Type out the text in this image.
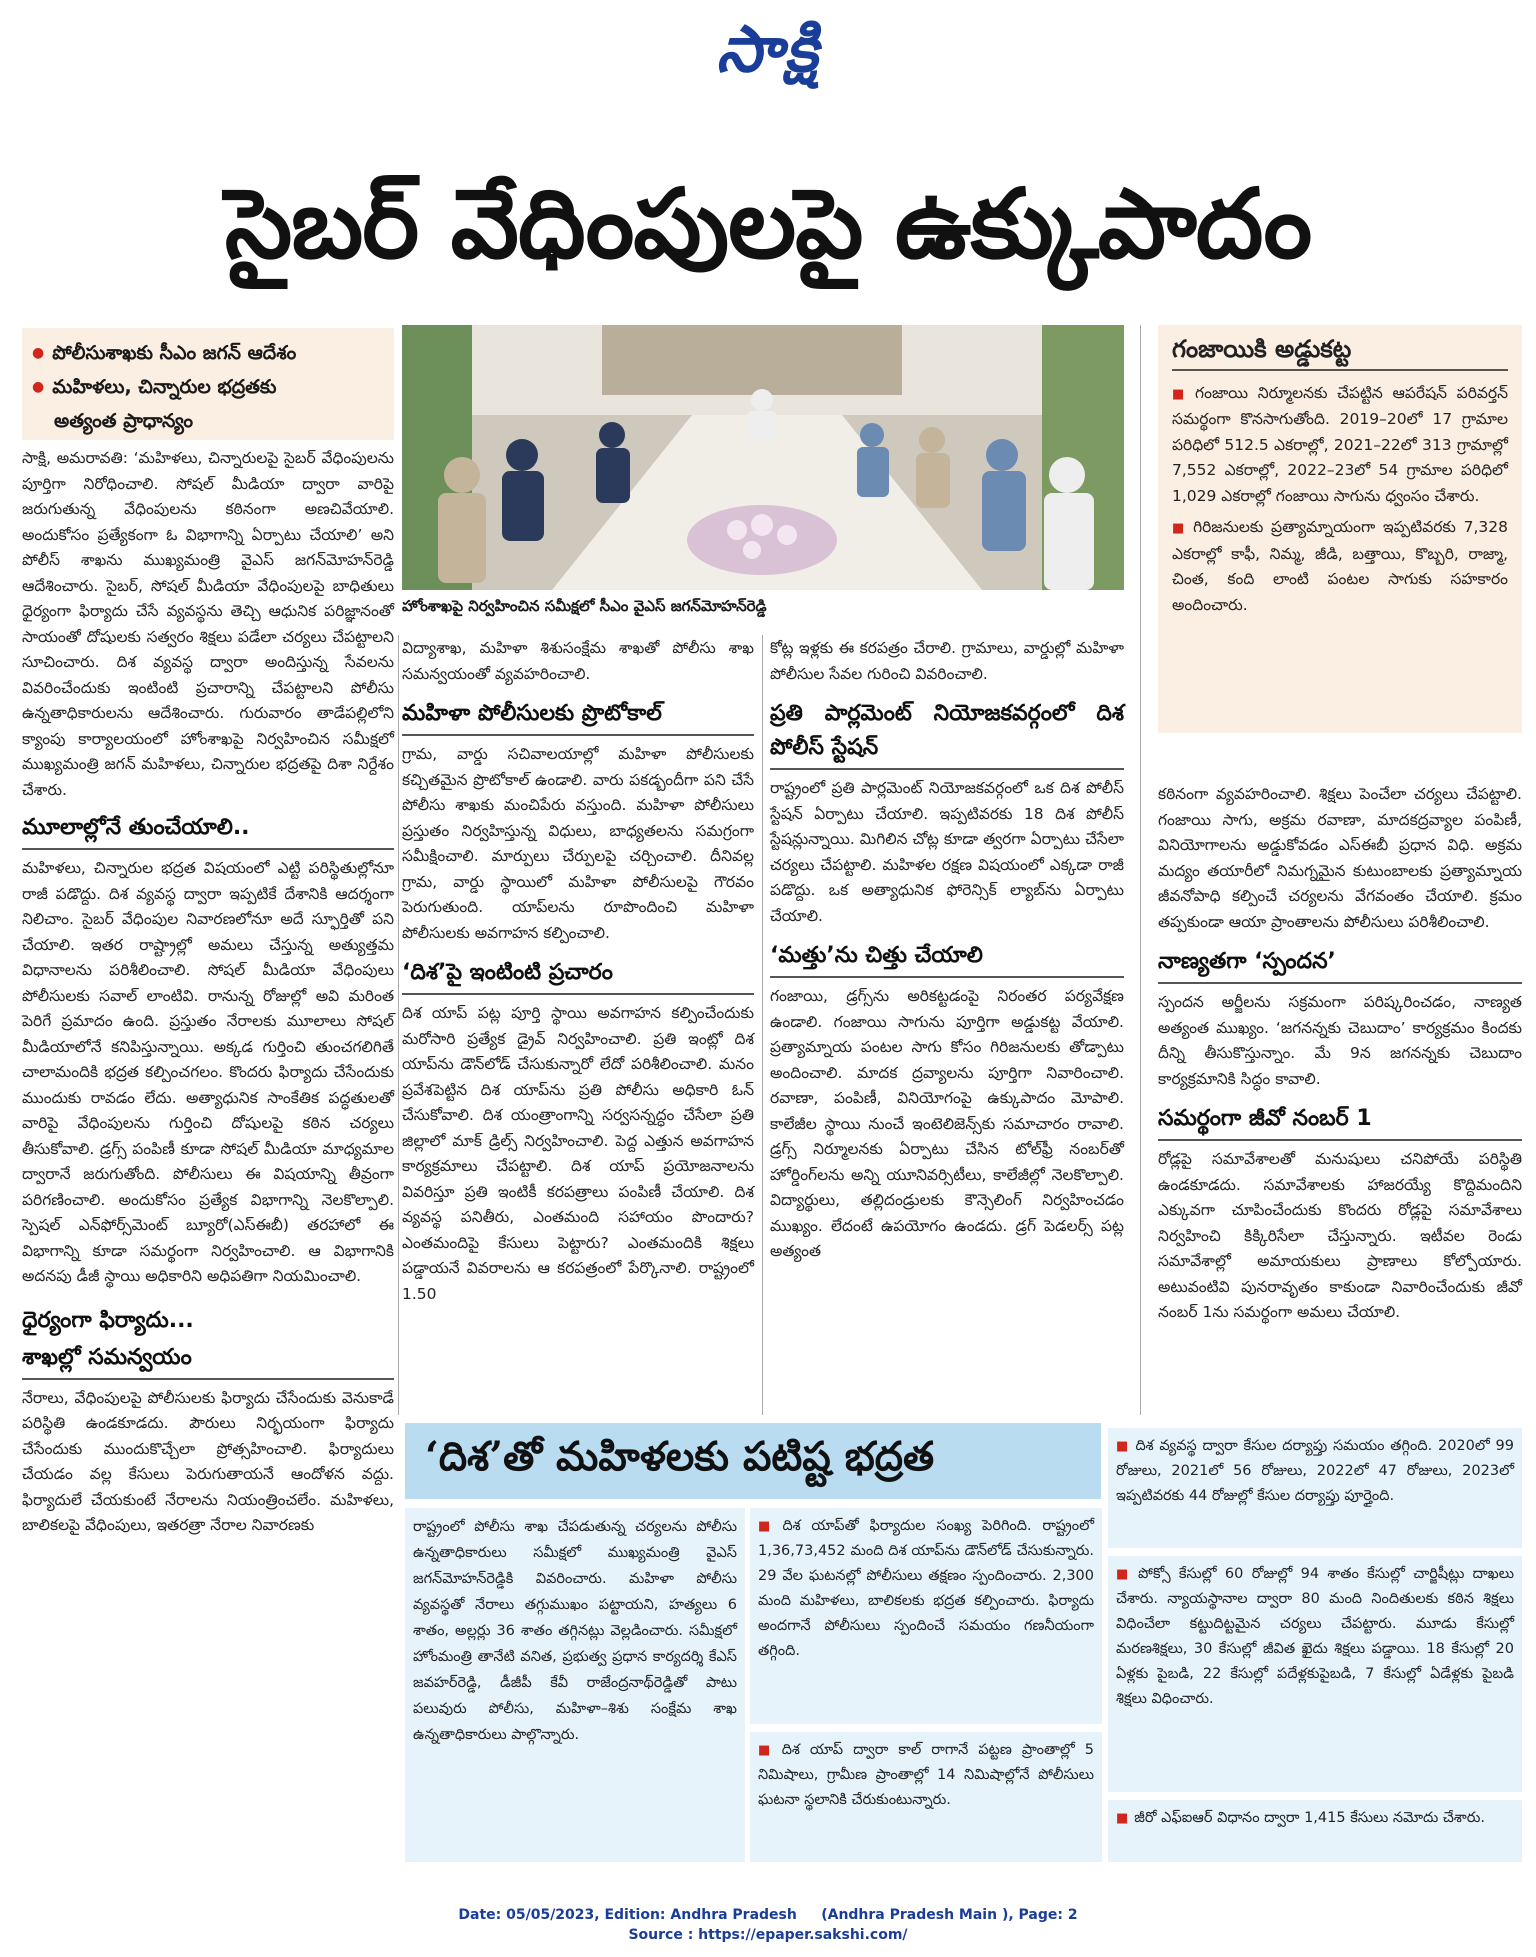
సాక్షి
సైబర్ వేధింపులపై ఉక్కుపాదం
● పోలీసుశాఖకు సీఎం జగన్ ఆదేశం
● మహిళలు, చిన్నారుల భద్రతకు
అత్యంత ప్రాధాన్యం
హోంశాఖపై నిర్వహించిన సమీక్షలో సీఎం వైఎస్ జగన్‌మోహన్‌రెడ్డి

సాక్షి, అమరావతి: ‘మహిళలు, చిన్నారులపై సైబర్ వేధింపులను పూర్తిగా నిరోధించాలి. సోషల్ మీడియా ద్వారా వారిపై జరుగుతున్న వేధింపులను కఠినంగా అణచివేయాలి. అందుకోసం ప్రత్యేకంగా ఓ విభాగాన్ని ఏర్పాటు చేయాలి’ అని పోలీస్ శాఖను ముఖ్యమంత్రి వైఎస్ జగన్‌మోహన్‌రెడ్డి ఆదేశించారు. సైబర్, సోషల్ మీడియా వేధింపులపై బాధితులు ధైర్యంగా ఫిర్యాదు చేసే వ్యవస్థను తెచ్చి ఆధునిక పరిజ్ఞానంతో సాయంతో దోషులకు సత్వరం శిక్షలు పడేలా చర్యలు చేపట్టాలని సూచించారు. దిశ వ్యవస్థ ద్వారా అందిస్తున్న సేవలను వివరించేందుకు ఇంటింటి ప్రచారాన్ని చేపట్టాలని పోలీసు ఉన్నతాధికారులను ఆదేశించారు. గురువారం తాడేపల్లిలోని క్యాంపు కార్యాలయంలో హోంశాఖపై నిర్వహించిన సమీక్షలో ముఖ్యమంత్రి జగన్ మహిళలు, చిన్నారుల భద్రతపై దిశా నిర్దేశం చేశారు.

మూలాల్లోనే తుంచేయాలి..

మహిళలు, చిన్నారుల భద్రత విషయంలో ఎట్టి పరిస్థితుల్లోనూ రాజీ పడొద్దు. దిశ వ్యవస్థ ద్వారా ఇప్పటికే దేశానికి ఆదర్శంగా నిలిచాం. సైబర్ వేధింపుల నివారణలోనూ అదే స్ఫూర్తితో పని చేయాలి. ఇతర రాష్ట్రాల్లో అమలు చేస్తున్న అత్యుత్తమ విధానాలను పరిశీలించాలి. సోషల్ మీడియా వేధింపులు పోలీసులకు సవాల్ లాంటివి. రానున్న రోజుల్లో అవి మరింత పెరిగే ప్రమాదం ఉంది. ప్రస్తుతం నేరాలకు మూలాలు సోషల్ మీడియాలోనే కనిపిస్తున్నాయి. అక్కడ గుర్తించి తుంచగలిగితే చాలామందికి భద్రత కల్పించగలం. కొందరు ఫిర్యాదు చేసేందుకు ముందుకు రావడం లేదు. అత్యాధునిక సాంకేతిక పద్ధతులతో వారిపై వేధింపులను గుర్తించి దోషులపై కఠిన చర్యలు తీసుకోవాలి. డ్రగ్స్ పంపిణీ కూడా సోషల్ మీడియా మాధ్యమాల ద్వారానే జరుగుతోంది. పోలీసులు ఈ విషయాన్ని తీవ్రంగా పరిగణించాలి. అందుకోసం ప్రత్యేక విభాగాన్ని నెలకొల్పాలి. స్పెషల్ ఎన్‌ఫోర్స్‌మెంట్ బ్యూరో(ఎస్‌ఈబీ) తరహాలో ఈ విభాగాన్ని కూడా సమర్థంగా నిర్వహించాలి. ఆ విభాగానికి అదనపు డీజీ స్థాయి అధికారిని అధిపతిగా నియమించాలి.

ధైర్యంగా ఫిర్యాదు...
శాఖల్లో సమన్వయం

నేరాలు, వేధింపులపై పోలీసులకు ఫిర్యాదు చేసేందుకు వెనుకాడే పరిస్థితి ఉండకూడదు. పౌరులు నిర్భయంగా ఫిర్యాదు చేసేందుకు ముందుకొచ్చేలా ప్రోత్సహించాలి. ఫిర్యాదులు చేయడం వల్ల కేసులు పెరుగుతాయనే ఆందోళన వద్దు. ఫిర్యాదులే చేయకుంటే నేరాలను నియంత్రించలేం. మహిళలు, బాలికలపై వేధింపులు, ఇతరత్రా నేరాల నివారణకు

విద్యాశాఖ, మహిళా శిశుసంక్షేమ శాఖతో పోలీసు శాఖ సమన్వయంతో వ్యవహరించాలి.

మహిళా పోలీసులకు ప్రొటోకాల్

గ్రామ, వార్డు సచివాలయాల్లో మహిళా పోలీసులకు కచ్చితమైన ప్రొటోకాల్ ఉండాలి. వారు పకడ్బందీగా పని చేసే పోలీసు శాఖకు మంచిపేరు వస్తుంది. మహిళా పోలీసులు ప్రస్తుతం నిర్వహిస్తున్న విధులు, బాధ్యతలను సమగ్రంగా సమీక్షించాలి. మార్పులు చేర్పులపై చర్చించాలి. దీనివల్ల గ్రామ, వార్డు స్థాయిలో మహిళా పోలీసులపై గౌరవం పెరుగుతుంది. యాప్‌లను రూపొందించి మహిళా పోలీసులకు అవగాహన కల్పించాలి.

‘దిశ’పై ఇంటింటి ప్రచారం

దిశ యాప్ పట్ల పూర్తి స్థాయి అవగాహన కల్పించేందుకు మరోసారి ప్రత్యేక డ్రైవ్ నిర్వహించాలి. ప్రతి ఇంట్లో దిశ యాప్‌ను డౌన్‌లోడ్ చేసుకున్నారో లేదో పరిశీలించాలి. మనం ప్రవేశపెట్టిన దిశ యాప్‌ను ప్రతి పోలీసు అధికారి ఓన్ చేసుకోవాలి. దిశ యంత్రాంగాన్ని సర్వసన్నద్ధం చేసేలా ప్రతి జిల్లాలో మాక్ డ్రిల్స్ నిర్వహించాలి. పెద్ద ఎత్తున అవగాహన కార్యక్రమాలు చేపట్టాలి. దిశ యాప్ ప్రయోజనాలను వివరిస్తూ ప్రతి ఇంటికీ కరపత్రాలు పంపిణీ చేయాలి. దిశ వ్యవస్థ పనితీరు, ఎంతమంది సహాయం పొందారు? ఎంతమందిపై కేసులు పెట్టారు? ఎంతమందికి శిక్షలు పడ్డాయనే వివరాలను ఆ కరపత్రంలో పేర్కొనాలి. రాష్ట్రంలో 1.50

కోట్ల ఇళ్లకు ఈ కరపత్రం చేరాలి. గ్రామాలు, వార్డుల్లో మహిళా పోలీసుల సేవల గురించి వివరించాలి.

ప్రతి పార్లమెంట్ నియోజకవర్గంలో దిశ పోలీస్ స్టేషన్

రాష్ట్రంలో ప్రతి పార్లమెంట్ నియోజకవర్గంలో ఒక దిశ పోలీస్ స్టేషన్ ఏర్పాటు చేయాలి. ఇప్పటివరకు 18 దిశ పోలీస్ స్టేషన్లున్నాయి. మిగిలిన చోట్ల కూడా త్వరగా ఏర్పాటు చేసేలా చర్యలు చేపట్టాలి. మహిళల రక్షణ విషయంలో ఎక్కడా రాజీ పడొద్దు. ఒక అత్యాధునిక ఫోరెన్సిక్ ల్యాబ్‌ను ఏర్పాటు చేయాలి.

‘మత్తు’ను చిత్తు చేయాలి

గంజాయి, డ్రగ్స్‌ను అరికట్టడంపై నిరంతర పర్యవేక్షణ ఉండాలి. గంజాయి సాగును పూర్తిగా అడ్డుకట్ట వేయాలి. ప్రత్యామ్నాయ పంటల సాగు కోసం గిరిజనులకు తోడ్పాటు అందించాలి. మాదక ద్రవ్యాలను పూర్తిగా నివారించాలి. రవాణా, పంపిణీ, వినియోగంపై ఉక్కుపాదం మోపాలి. కాలేజీల స్థాయి నుంచే ఇంటెలిజెన్స్‌కు సమాచారం రావాలి. డ్రగ్స్ నిర్మూలనకు ఏర్పాటు చేసిన టోల్‌ఫ్రీ నంబర్‌తో హోర్డింగ్‌లను అన్ని యూనివర్సిటీలు, కాలేజీల్లో నెలకొల్పాలి. విద్యార్థులు, తల్లిదండ్రులకు కౌన్సెలింగ్ నిర్వహించడం ముఖ్యం. లేదంటే ఉపయోగం ఉండదు. డ్రగ్ పెడలర్స్ పట్ల అత్యంత

గంజాయికి అడ్డుకట్ట

■ గంజాయి నిర్మూలనకు చేపట్టిన ఆపరేషన్ పరివర్తన్ సమర్థంగా కొనసాగుతోంది. 2019–20లో 17 గ్రామాల పరిధిలో 512.5 ఎకరాల్లో, 2021–22లో 313 గ్రామాల్లో 7,552 ఎకరాల్లో, 2022–23లో 54 గ్రామాల పరిధిలో 1,029 ఎకరాల్లో గంజాయి సాగును ధ్వంసం చేశారు.

■ గిరిజనులకు ప్రత్యామ్నాయంగా ఇప్పటివరకు 7,328 ఎకరాల్లో కాఫీ, నిమ్మ, జీడి, బత్తాయి, కొబ్బరి, రాజ్మా, చింత, కంది లాంటి పంటల సాగుకు సహకారం అందించారు.

కఠినంగా వ్యవహరించాలి. శిక్షలు పెంచేలా చర్యలు చేపట్టాలి. గంజాయి సాగు, అక్రమ రవాణా, మాదకద్రవ్యాల పంపిణీ, వినియోగాలను అడ్డుకోవడం ఎస్‌ఈబీ ప్రధాన విధి. అక్రమ మద్యం తయారీలో నిమగ్నమైన కుటుంబాలకు ప్రత్యామ్నాయ జీవనోపాధి కల్పించే చర్యలను వేగవంతం చేయాలి. క్రమం తప్పకుండా ఆయా ప్రాంతాలను పోలీసులు పరిశీలించాలి.

నాణ్యతగా ‘స్పందన’

స్పందన అర్జీలను సక్రమంగా పరిష్కరించడం, నాణ్యత అత్యంత ముఖ్యం. ‘జగనన్నకు చెబుదాం’ కార్యక్రమం కిందకు దీన్ని తీసుకొస్తున్నాం. మే 9న జగనన్నకు చెబుదాం కార్యక్రమానికి సిద్ధం కావాలి.

సమర్థంగా జీవో నంబర్ 1

రోడ్లపై సమావేశాలతో మనుషులు చనిపోయే పరిస్థితి ఉండకూడదు. సమావేశాలకు హాజరయ్యే కొద్దిమందిని ఎక్కువగా చూపించేందుకు కొందరు రోడ్లపై సమావేశాలు నిర్వహించి కిక్కిరిసేలా చేస్తున్నారు. ఇటీవల రెండు సమావేశాల్లో అమాయకులు ప్రాణాలు కోల్పోయారు. అటువంటివి పునరావృతం కాకుండా నివారించేందుకు జీవో నంబర్ 1ను సమర్థంగా అమలు చేయాలి.

‘దిశ’తో మహిళలకు పటిష్ట భద్రత

రాష్ట్రంలో పోలీసు శాఖ చేపడుతున్న చర్యలను పోలీసు ఉన్నతాధికారులు సమీక్షలో ముఖ్యమంత్రి వైఎస్ జగన్‌మోహన్‌రెడ్డికి వివరించారు. మహిళా పోలీసు వ్యవస్థతో నేరాలు తగ్గుముఖం పట్టాయని, హత్యలు 6 శాతం, అల్లర్లు 36 శాతం తగ్గినట్లు వెల్లడించారు. సమీక్షలో హోంమంత్రి తానేటి వనిత, ప్రభుత్వ ప్రధాన కార్యదర్శి కేఎస్ జవహర్‌రెడ్డి, డీజీపీ కేవీ రాజేంద్రనాథ్‌రెడ్డితో పాటు పలువురు పోలీసు, మహిళా–శిశు సంక్షేమ శాఖ ఉన్నతాధికారులు పాల్గొన్నారు.

■ దిశ యాప్‌తో ఫిర్యాదుల సంఖ్య పెరిగింది. రాష్ట్రంలో 1,36,73,452 మంది దిశ యాప్‌ను డౌన్‌లోడ్ చేసుకున్నారు. 29 వేల ఘటనల్లో పోలీసులు తక్షణం స్పందించారు. 2,300 మంది మహిళలు, బాలికలకు భద్రత కల్పించారు. ఫిర్యాదు అందగానే పోలీసులు స్పందించే సమయం గణనీయంగా తగ్గింది.

■ దిశ యాప్ ద్వారా కాల్ రాగానే పట్టణ ప్రాంతాల్లో 5 నిమిషాలు, గ్రామీణ ప్రాంతాల్లో 14 నిమిషాల్లోనే పోలీసులు ఘటనా స్థలానికి చేరుకుంటున్నారు.

■ దిశ వ్యవస్థ ద్వారా కేసుల దర్యాప్తు సమయం తగ్గింది. 2020లో 99 రోజులు, 2021లో 56 రోజులు, 2022లో 47 రోజులు, 2023లో ఇప్పటివరకు 44 రోజుల్లో కేసుల దర్యాప్తు పూర్తైంది.

■ పోక్సో కేసుల్లో 60 రోజుల్లో 94 శాతం కేసుల్లో చార్జిషీట్లు దాఖలు చేశారు. న్యాయస్థానాల ద్వారా 80 మంది నిందితులకు కఠిన శిక్షలు విధించేలా కట్టుదిట్టమైన చర్యలు చేపట్టారు. మూడు కేసుల్లో మరణశిక్షలు, 30 కేసుల్లో జీవిత ఖైదు శిక్షలు పడ్డాయి. 18 కేసుల్లో 20 ఏళ్లకు పైబడి, 22 కేసుల్లో పదేళ్లకుపైబడి, 7 కేసుల్లో ఏడేళ్లకు పైబడి శిక్షలు విధించారు.

■ జీరో ఎఫ్ఐఆర్ విధానం ద్వారా 1,415 కేసులు నమోదు చేశారు.

Date: 05/05/2023, Edition: Andhra Pradesh     (Andhra Pradesh Main ), Page: 2
Source : https://epaper.sakshi.com/
